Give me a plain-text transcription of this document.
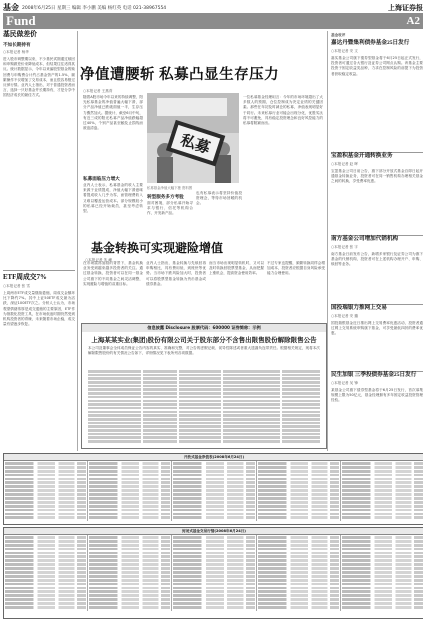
基金 2008年6月25日 星期三 编辑 李小鹏 美编 杨红英 电话 021-38967554	上海证券报
Fund	A2
基民做差价
不如长期持有
○本报记者 杨华
进入股市调整期以来，不少基民试图通过赎回和申购做差价来降低成本，但结果往往适得其反。统计数据显示，今年以来偏股型基金的赎回费与申购费合计约占基金资产的1.5%，频繁操作不仅增加了交易成本，而且很容易错过反弹行情。业内人士指出，对于普通投资者而言，选择一只好基金并长期持有，才是分享中国经济成长的最佳方式。
ETF周成交7%
○本报记者 张 雪
上周两市ETF成交量继续萎缩，周成交金额环比下降约7%。其中上证50ETF成交最为活跃，深证100ETF次之。分析人士认为，市场观望情绪浓厚是成交萎缩的主要原因，ETF作为指数化投资工具，在市场低迷时期仍然受到机构投资者的青睐，未来随着市场企稳，成交量有望逐步恢复。
净值遭腰斩 私募凸显生存压力
○本报记者 王燕青
随着A股市场今年以来的持续调整，阳光私募基金的净值普遍大幅下滑，部分产品净值已跌破面值一半，生存压力骤然加大。据统计，截至6月中旬，有近三成的阳光私募产品净值跌幅超过40%，个别产品甚至触及止损线而被迫清盘。
私募面临压力增大
业内人士表示，私募基金的收入主要来源于业绩提成，净值大幅下滑意味着提成收入几乎为零，而管理费收入又难以覆盖运营成本。部分规模较小的私募已经开始裁员，甚至考虑转型。
私募
私募基金净值大幅下挫 资料图
一位私募基金经理坦言：今年的市场环境超出了大多数人的预期，仓位控制成为决定业绩的关键因素。那些在年初及时减仓的私募，净值表现明显好于同行。未来私募行业可能会出现分化，优胜劣汰将不可避免，具有稳定投资理念和良好风控能力的私募将脱颖而出。
转型服务多方考验
面对困境，部分私募开始寻求与银行、信托等机构合作，开发新产品。
也有私募表示将坚持价值投资理念，等待市场回暖的机会。
基金转换可实现避险增值
○本报记者 朱 峰
在市场震荡加剧的背景下，基金转换业务受到越来越多投资者的关注。通过基金转换，投资者可以在同一基金公司旗下的不同基金之间灵活调整，实现避险与增值的双重目标。
业内人士指出，基金转换与先赎回再申购相比，具有费用低、到账快等优势。当市场下跌风险加大时，投资者可以将股票型基金转换为货币基金或债券基金。
而当市场出现明显转机时，又可以及时转换回股票型基金，从而把握上涨机会，提高资金使用效率。
不过专家也提醒，频繁转换同样会增加成本，投资者应根据自身风险承受能力合理使用。
信息披露 Disclosure 股票代码：600000 证券简称：示例
上海某某实业(集团)股份有限公司关于股东部分不含售出限售股份解除限售公告
本公司及董事会全体成员保证公告内容的真实、准确和完整，对公告的虚假记载、误导性陈述或者重大遗漏负连带责任。根据相关规定，现将本次解除限售股份的有关情况公告如下，详细情况见下表所列各项数据。
基金收评
嘉达丹暨集利债券基金25日发行
○本报记者 安 文
嘉实基金公司旗下债券型基金将于6月25日起正式发行，投资者可通过各大银行及证券公司网点认购。该基金主要投资于固定收益类品种，力求在控制风险的前提下为投资者获取稳定收益。
宝盈积基金开通转换业务
○本报记者 赵 晖
宝盈基金公司日前公告，旗下部分开放式基金自即日起开通基金转换业务，投资者可在同一销售机构办理相关基金之间的转换，享受费率优惠。
南方基金公司增加代销机构
○本报记者 张 宇
南方基金日前发布公告，新增多家银行及证券公司为旗下基金的代销机构，投资者可在上述机构办理开户、申购、赎回等业务。
国投瑞银力推网上交易
○本报记者 安 璐
国投瑞银基金近日推出网上交易费率优惠活动，投资者通过网上交易系统申购旗下基金，可享受最低四折的费率优惠。
民生加银 三季投债券基金25日发行
○本报记者 吴 锋
某基金公司旗下债券型基金将于6月25日发行，首次募集规模上限为50亿元，基金经理拥有多年固定收益投资管理经验。
开放式基金净值表(2008年6月24日)
封闭式基金交易行情(2008年6月24日)
